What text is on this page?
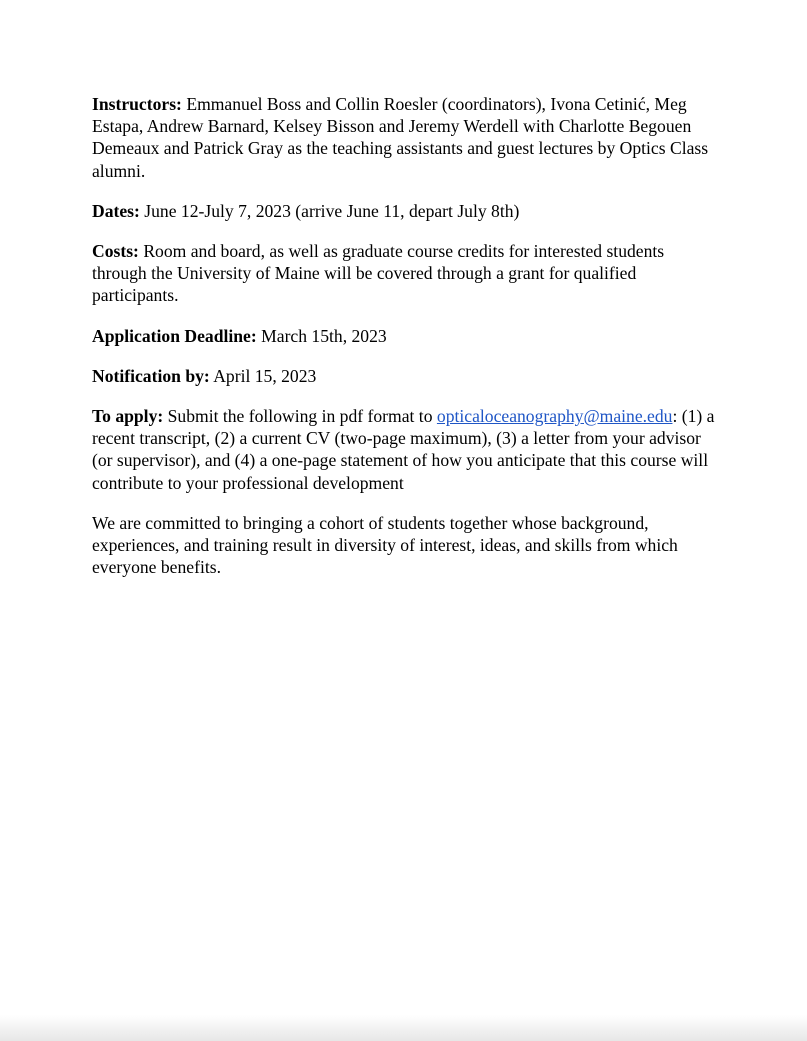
Instructors: Emmanuel Boss and Collin Roesler (coordinators), Ivona Cetinić, Meg Estapa, Andrew Barnard, Kelsey Bisson and Jeremy Werdell with Charlotte Begouen Demeaux and Patrick Gray as the teaching assistants and guest lectures by Optics Class alumni.

Dates: June 12-July 7, 2023 (arrive June 11, depart July 8th)

Costs: Room and board, as well as graduate course credits for interested students through the University of Maine will be covered through a grant for qualified participants.

Application Deadline: March 15th, 2023

Notification by: April 15, 2023

To apply: Submit the following in pdf format to opticaloceanography@maine.edu: (1) a recent transcript, (2) a current CV (two-page maximum), (3) a letter from your advisor (or supervisor), and (4) a one-page statement of how you anticipate that this course will contribute to your professional development

We are committed to bringing a cohort of students together whose background, experiences, and training result in diversity of interest, ideas, and skills from which everyone benefits.
